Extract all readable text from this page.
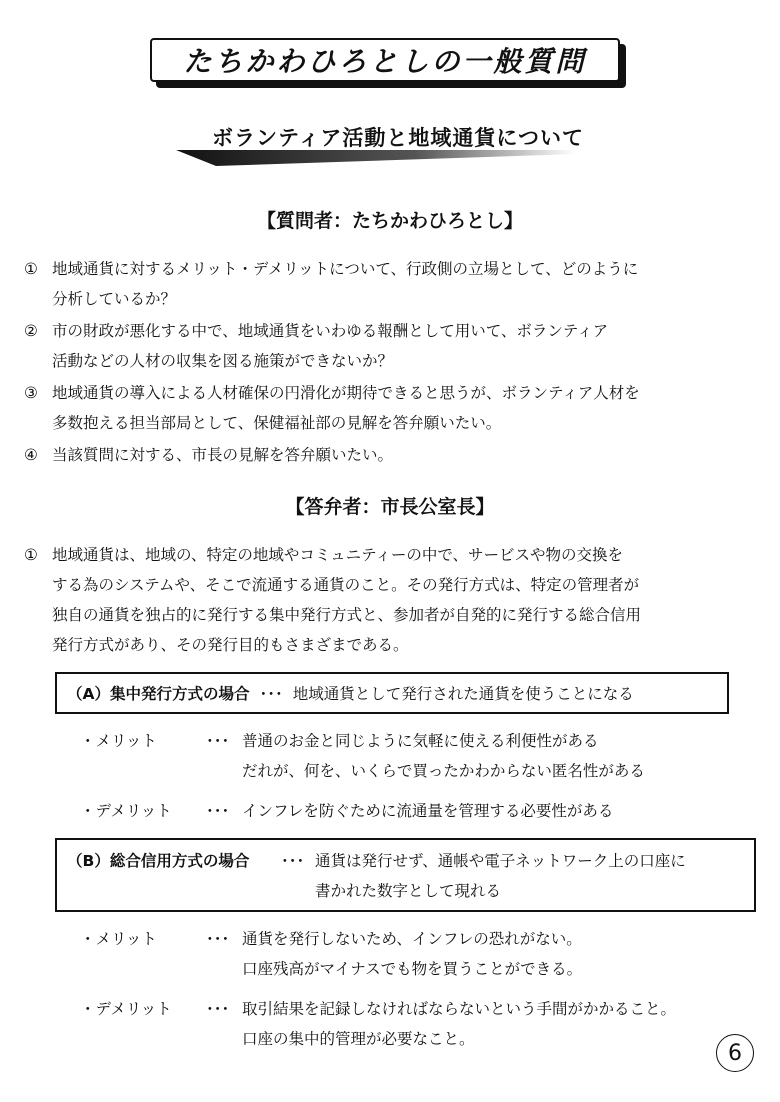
たちかわひろとしの一般質問
ボランティア活動と地域通貨について
【質問者：たちかわひろとし】
① 地域通貨に対するメリット・デメリットについて、行政側の立場として、どのように
分析しているか？
② 市の財政が悪化する中で、地域通貨をいわゆる報酬として用いて、ボランティア
活動などの人材の収集を図る施策ができないか？
③ 地域通貨の導入による人材確保の円滑化が期待できると思うが、ボランティア人材を
多数抱える担当部局として、保健福祉部の見解を答弁願いたい。
④ 当該質問に対する、市長の見解を答弁願いたい。
【答弁者：市長公室長】
① 地域通貨は、地域の、特定の地域やコミュニティーの中で、サービスや物の交換を
する為のシステムや、そこで流通する通貨のこと。その発行方式は、特定の管理者が
独自の通貨を独占的に発行する集中発行方式と、参加者が自発的に発行する総合信用
発行方式があり、その発行目的もさまざまである。
（A）集中発行方式の場合 ･･･ 地域通貨として発行された通貨を使うことになる
・メリット	･･･ 普通のお金と同じように気軽に使える利便性がある
だれが、何を、いくらで買ったかわからない匿名性がある
・デメリット ･･･ インフレを防ぐために流通量を管理する必要性がある
（B）総合信用方式の場合 ･･･ 通貨は発行せず、通帳や電子ネットワーク上の口座に
書かれた数字として現れる
・メリット	･･･ 通貨を発行しないため、インフレの恐れがない。
口座残高がマイナスでも物を買うことができる。
・デメリット ･･･ 取引結果を記録しなければならないという手間がかかること。
口座の集中的管理が必要なこと。
6
